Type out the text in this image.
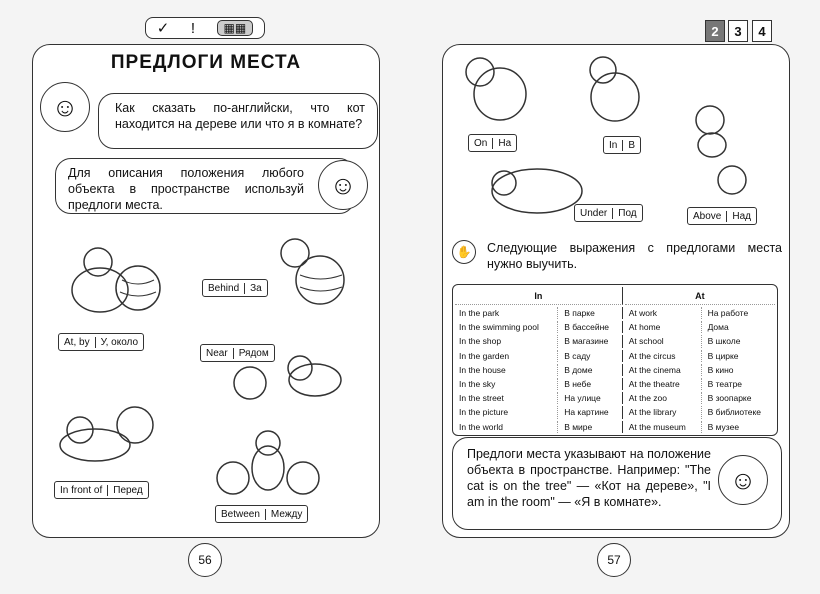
✓ !	▦▦
ПРЕДЛОГИ МЕСТА
Как сказать по-английски, что кот находится на дереве или что я в комнате?
☺
Для описания положения любого объекта в пространстве используй предлоги места.
☺
Behind	За
At, by	У, около
Near	Рядом
In front of	Перед
Between	Между
On	На	In	В
Under	Под	Above	Над
2	3	4
✋	Следующие выражения с предлогами места нужно выучить.
In		At	
In the park	В парке	At work	На работе
In the swimming pool	В бассейне	At home	Дома
In the shop	В магазине	At school	В школе
In the garden	В саду	At the circus	В цирке
In the house	В доме	At the cinema	В кино
In the sky	В небе	At the theatre	В театре
In the street	На улице	At the zoo	В зоопарке
In the picture	На картине	At the library	В библиотеке
In the world	В мире	At the museum	В музее
Предлоги места указывают на положение объекта в пространстве. Например: "The cat is on the tree" — «Кот на дереве», "I am in the room" — «Я в комнате».
☺
56	57
